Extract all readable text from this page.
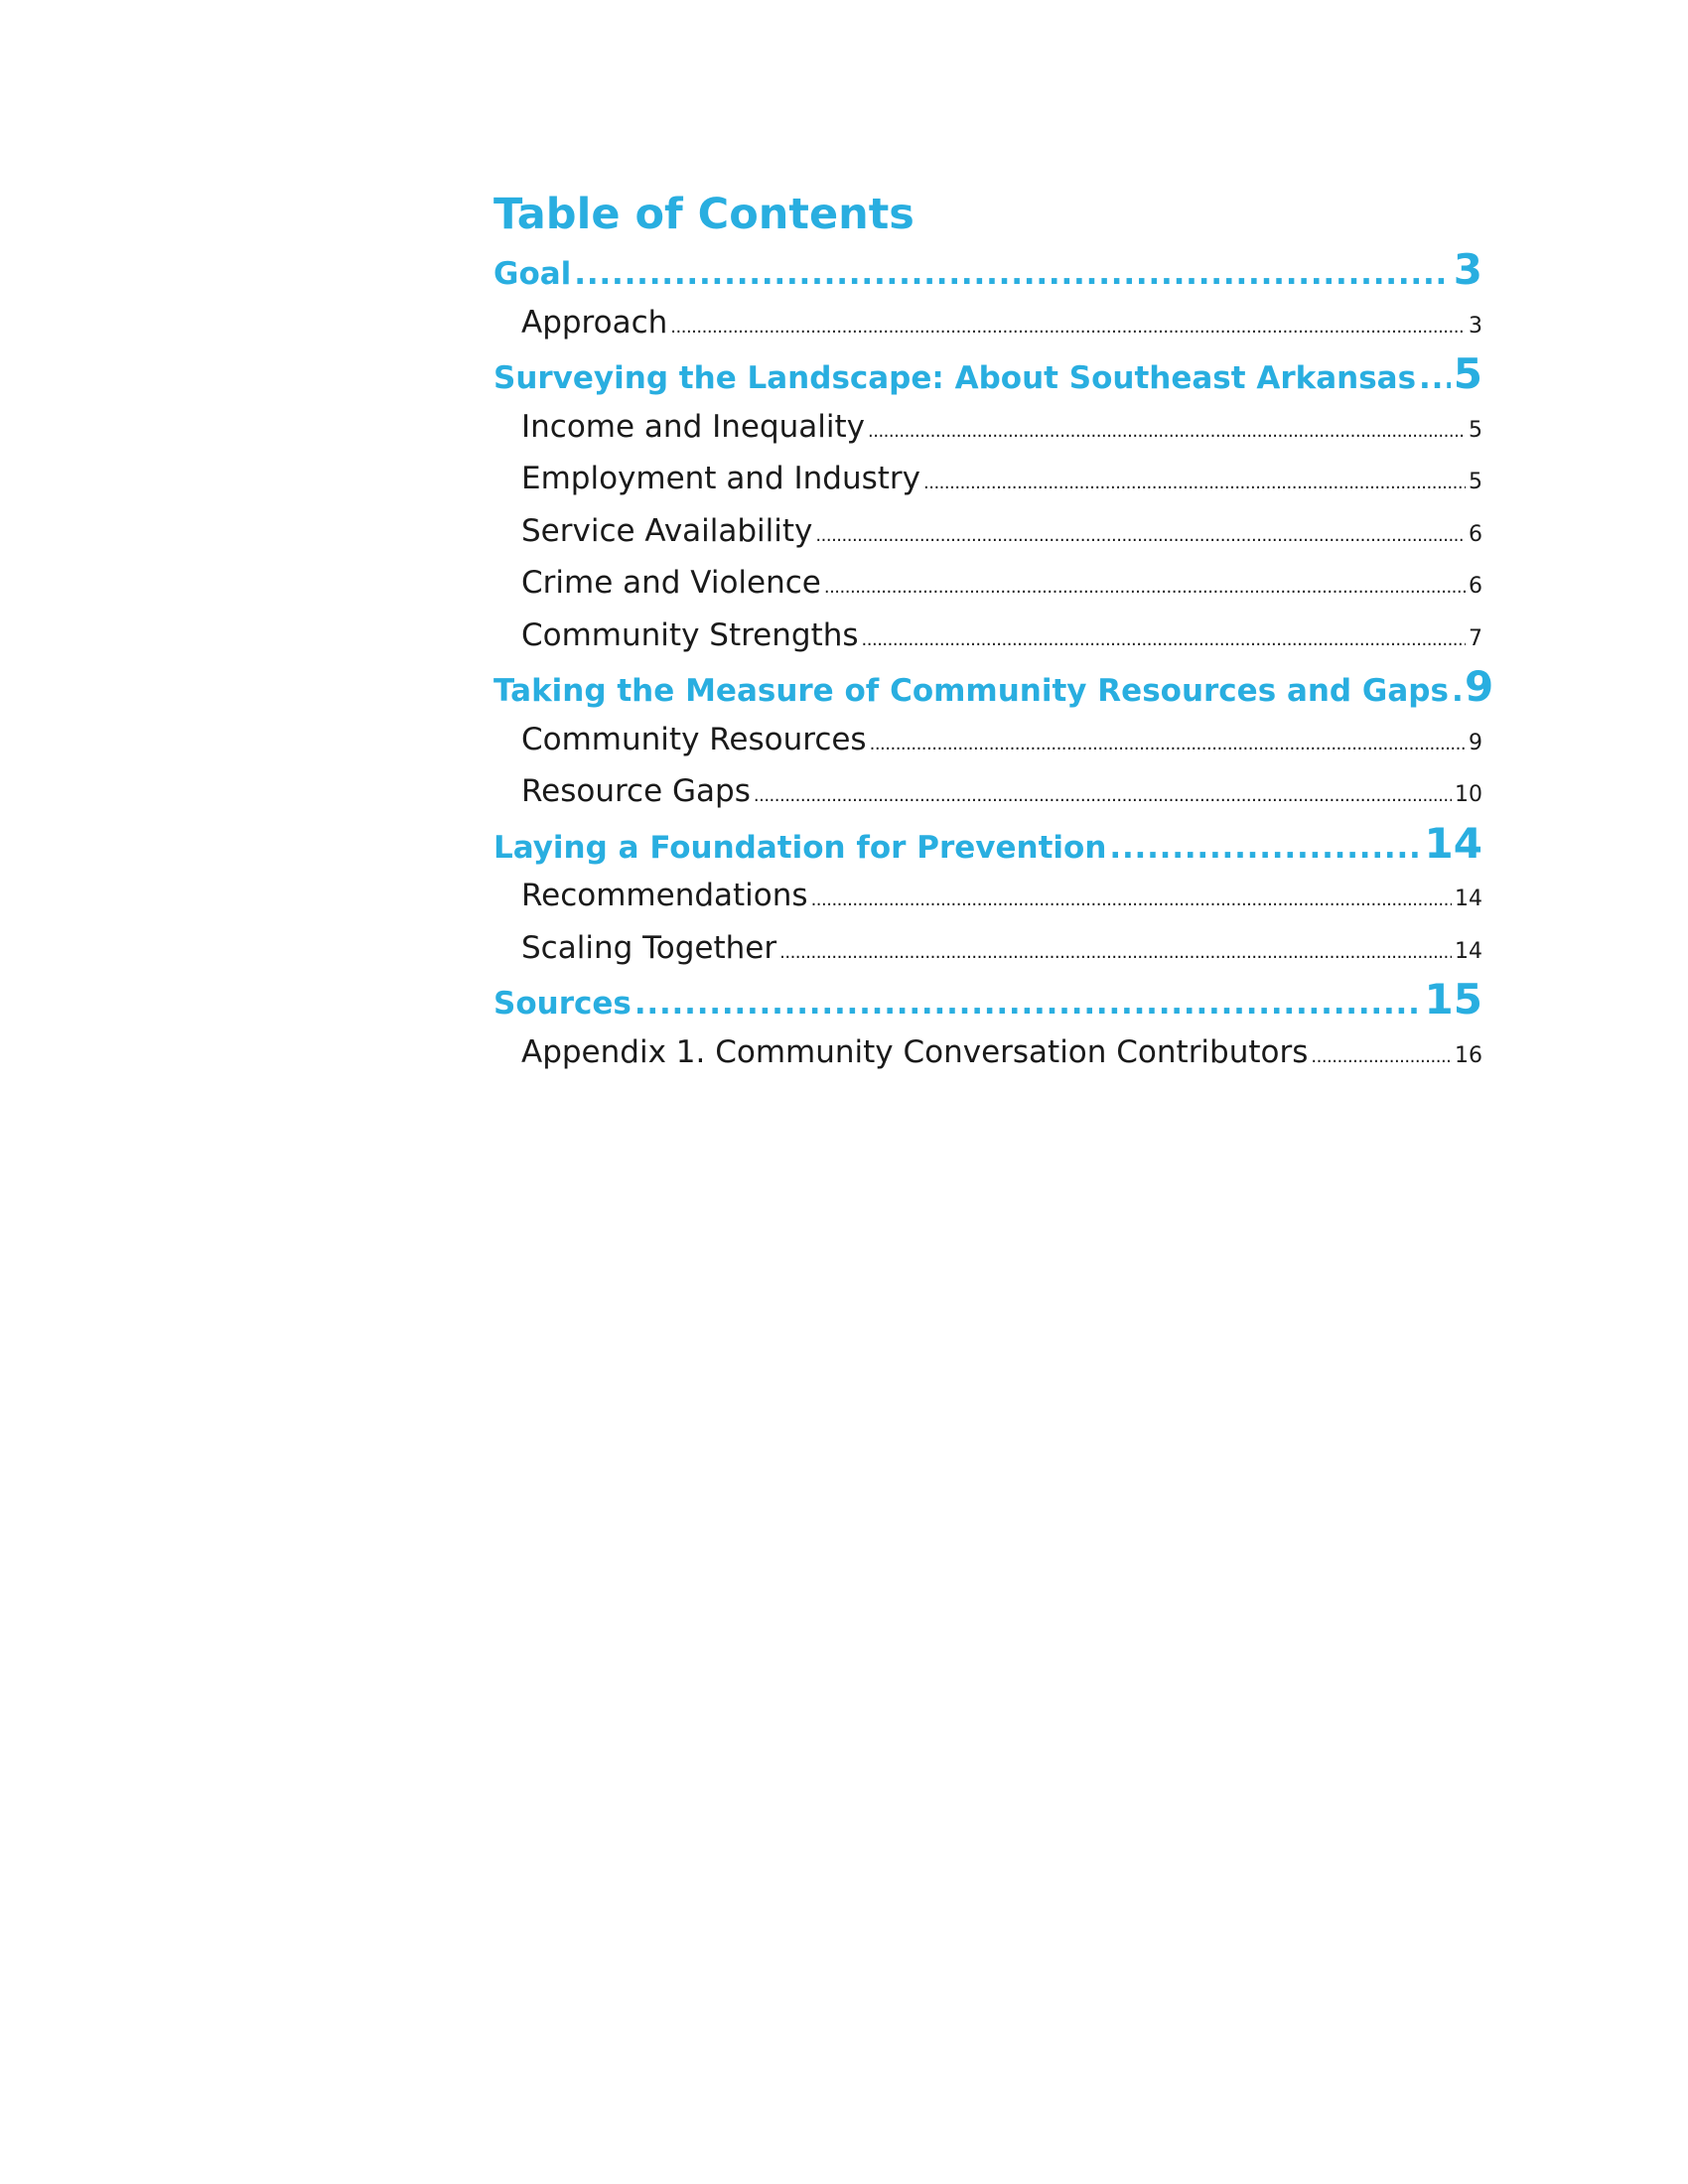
Table of Contents
Goal . . .	3
Approach .....	3
Surveying the Landscape: About Southeast Arkansas . . . 5
Income and Inequality .....	5
Employment and Industry .....	5
Service Availability .....	6
Crime and Violence .....	6
Community Strengths .....	7
Taking the Measure of Community Resources and Gaps . . . 9
Community Resources .....	9
Resource Gaps .....	10
Laying a Foundation for Prevention . . .	14
Recommendations .....	14
Scaling Together .....	14
Sources . . .	15
Appendix 1. Community Conversation Contributors .....	16
